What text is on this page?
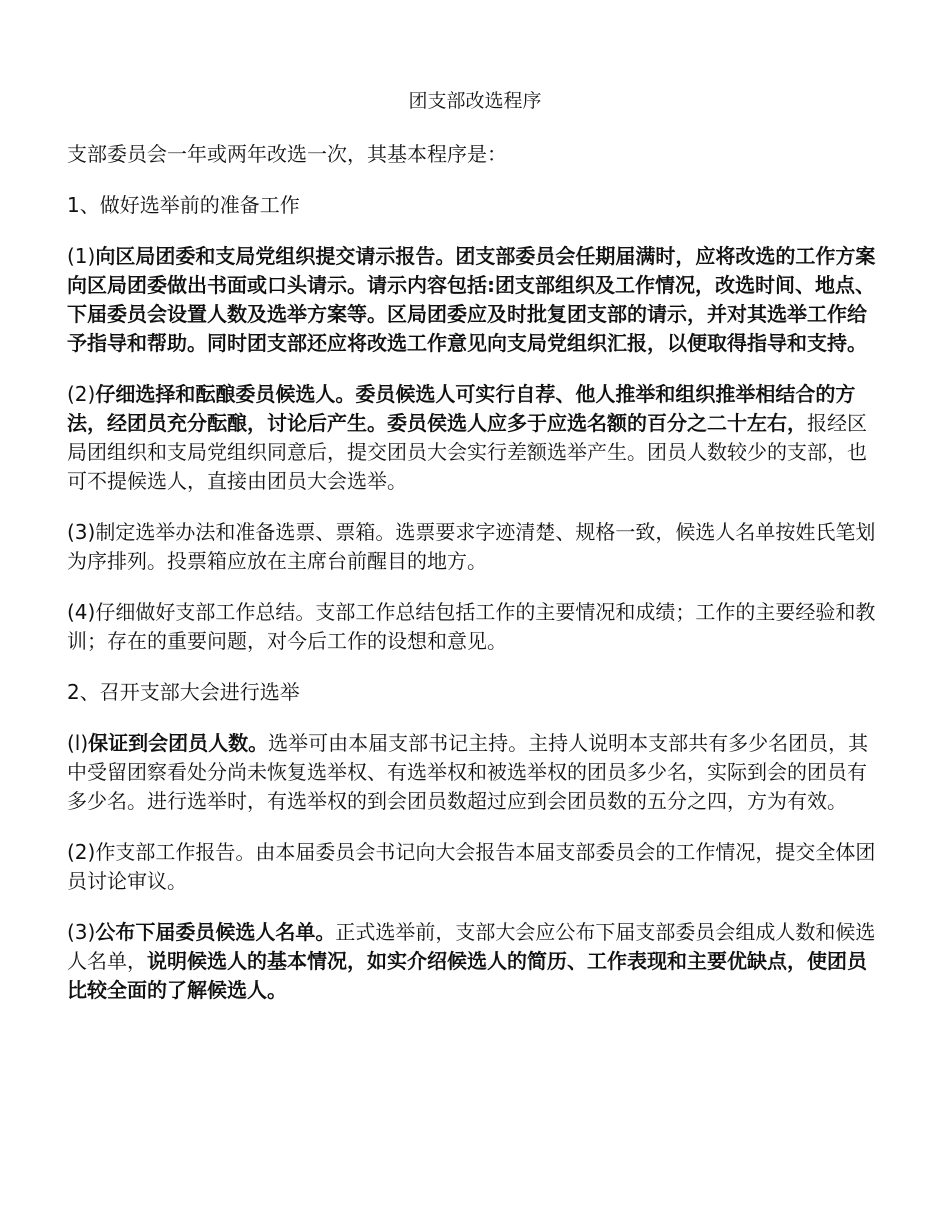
团支部改选程序

支部委员会一年或两年改选一次，其基本程序是：

1、做好选举前的准备工作

(1)向区局团委和支局党组织提交请示报告。团支部委员会任期届满时，应将改选的工作方案向区局团委做出书面或口头请示。请示内容包括:团支部组织及工作情况，改选时间、地点、下届委员会设置人数及选举方案等。区局团委应及时批复团支部的请示，并对其选举工作给予指导和帮助。同时团支部还应将改选工作意见向支局党组织汇报，以便取得指导和支持。

(2)仔细选择和酝酿委员候选人。委员候选人可实行自荐、他人推举和组织推举相结合的方法，经团员充分酝酿，讨论后产生。委员侯选人应多于应选名额的百分之二十左右，报经区局团组织和支局党组织同意后，提交团员大会实行差额选举产生。团员人数较少的支部，也可不提候选人，直接由团员大会选举。

(3)制定选举办法和准备选票、票箱。选票要求字迹清楚、规格一致，候选人名单按姓氏笔划为序排列。投票箱应放在主席台前醒目的地方。

(4)仔细做好支部工作总结。支部工作总结包括工作的主要情况和成绩；工作的主要经验和教训；存在的重要问题，对今后工作的设想和意见。

2、召开支部大会进行选举

(l)保证到会团员人数。选举可由本届支部书记主持。主持人说明本支部共有多少名团员，其中受留团察看处分尚未恢复选举权、有选举权和被选举权的团员多少名，实际到会的团员有多少名。进行选举时，有选举权的到会团员数超过应到会团员数的五分之四，方为有效。

(2)作支部工作报告。由本届委员会书记向大会报告本届支部委员会的工作情况，提交全体团员讨论审议。

(3)公布下届委员候选人名单。正式选举前，支部大会应公布下届支部委员会组成人数和候选人名单，说明候选人的基本情况，如实介绍候选人的简历、工作表现和主要优缺点，使团员比较全面的了解候选人。
